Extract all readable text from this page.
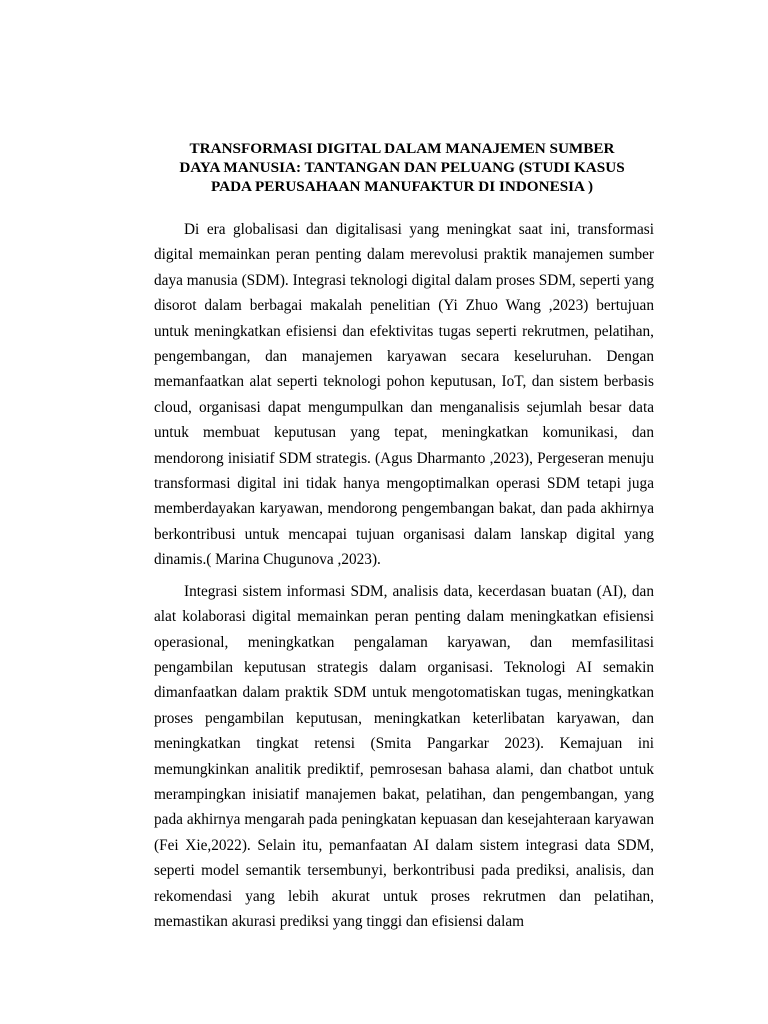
TRANSFORMASI DIGITAL DALAM MANAJEMEN SUMBER
DAYA MANUSIA: TANTANGAN DAN PELUANG (STUDI KASUS
PADA PERUSAHAAN MANUFAKTUR DI INDONESIA )

Di era globalisasi dan digitalisasi yang meningkat saat ini, transformasi digital memainkan peran penting dalam merevolusi praktik manajemen sumber daya manusia (SDM). Integrasi teknologi digital dalam proses SDM, seperti yang disorot dalam berbagai makalah penelitian (Yi Zhuo Wang ,2023) bertujuan untuk meningkatkan efisiensi dan efektivitas tugas seperti rekrutmen, pelatihan, pengembangan, dan manajemen karyawan secara keseluruhan. Dengan memanfaatkan alat seperti teknologi pohon keputusan, IoT, dan sistem berbasis cloud, organisasi dapat mengumpulkan dan menganalisis sejumlah besar data untuk membuat keputusan yang tepat, meningkatkan komunikasi, dan mendorong inisiatif SDM strategis. (Agus Dharmanto ,2023), Pergeseran menuju transformasi digital ini tidak hanya mengoptimalkan operasi SDM tetapi juga memberdayakan karyawan, mendorong pengembangan bakat, dan pada akhirnya berkontribusi untuk mencapai tujuan organisasi dalam lanskap digital yang dinamis.( Marina Chugunova ,2023).

Integrasi sistem informasi SDM, analisis data, kecerdasan buatan (AI), dan alat kolaborasi digital memainkan peran penting dalam meningkatkan efisiensi operasional, meningkatkan pengalaman karyawan, dan memfasilitasi pengambilan keputusan strategis dalam organisasi. Teknologi AI semakin dimanfaatkan dalam praktik SDM untuk mengotomatiskan tugas, meningkatkan proses pengambilan keputusan, meningkatkan keterlibatan karyawan, dan meningkatkan tingkat retensi (Smita Pangarkar 2023). Kemajuan ini memungkinkan analitik prediktif, pemrosesan bahasa alami, dan chatbot untuk merampingkan inisiatif manajemen bakat, pelatihan, dan pengembangan, yang pada akhirnya mengarah pada peningkatan kepuasan dan kesejahteraan karyawan (Fei Xie,2022). Selain itu, pemanfaatan AI dalam sistem integrasi data SDM, seperti model semantik tersembunyi, berkontribusi pada prediksi, analisis, dan rekomendasi yang lebih akurat untuk proses rekrutmen dan pelatihan, memastikan akurasi prediksi yang tinggi dan efisiensi dalam
